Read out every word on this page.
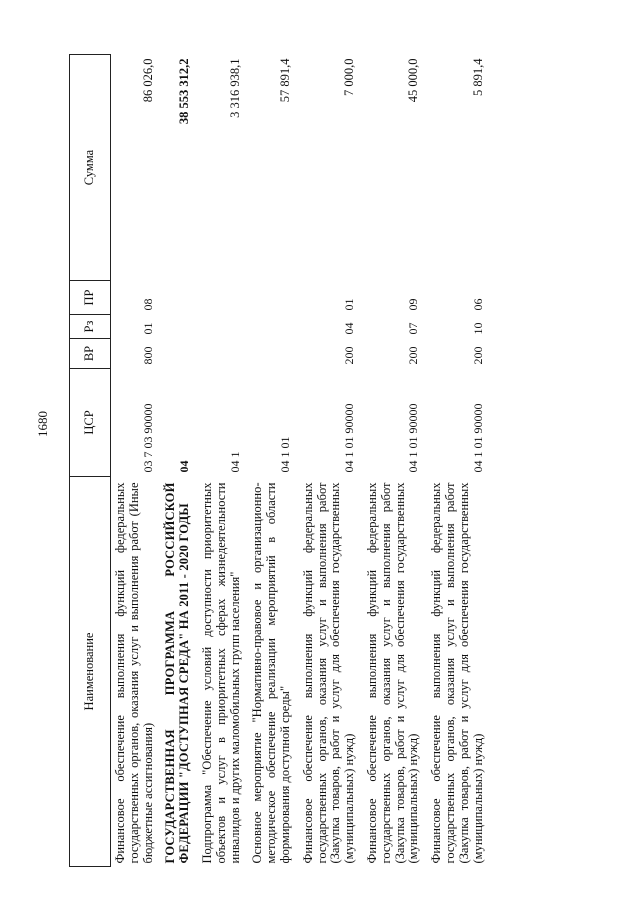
1680
Наименование	ЦСР	ВР	Рз	ПР	Сумма
Финансовое обеспечение выполнения функций федеральных государственных органов, оказания услуг и выполнения работ (Иные бюджетные ассигнования)	03 7 03 90000	800	01	08	86 026,0
ГОСУДАРСТВЕННАЯ ПРОГРАММА РОССИЙСКОЙ ФЕДЕРАЦИИ "ДОСТУПНАЯ СРЕДА" НА 2011 - 2020 ГОДЫ	04				38 553 312,2
Подпрограмма "Обеспечение условий доступности приоритетных объектов и услуг в приоритетных сферах жизнедеятельности инвалидов и других маломобильных групп населения"	04 1				3 316 938,1
Основное мероприятие "Нормативно-правовое и организационно-методическое обеспечение реализации мероприятий в области формирования доступной среды"	04 1 01				57 891,4
Финансовое обеспечение выполнения функций федеральных государственных органов, оказания услуг и выполнения работ (Закупка товаров, работ и услуг для обеспечения государственных (муниципальных) нужд)	04 1 01 90000	200	04	01	7 000,0
Финансовое обеспечение выполнения функций федеральных государственных органов, оказания услуг и выполнения работ (Закупка товаров, работ и услуг для обеспечения государственных (муниципальных) нужд)	04 1 01 90000	200	07	09	45 000,0
Финансовое обеспечение выполнения функций федеральных государственных органов, оказания услуг и выполнения работ (Закупка товаров, работ и услуг для обеспечения государственных (муниципальных) нужд)	04 1 01 90000	200	10	06	5 891,4
